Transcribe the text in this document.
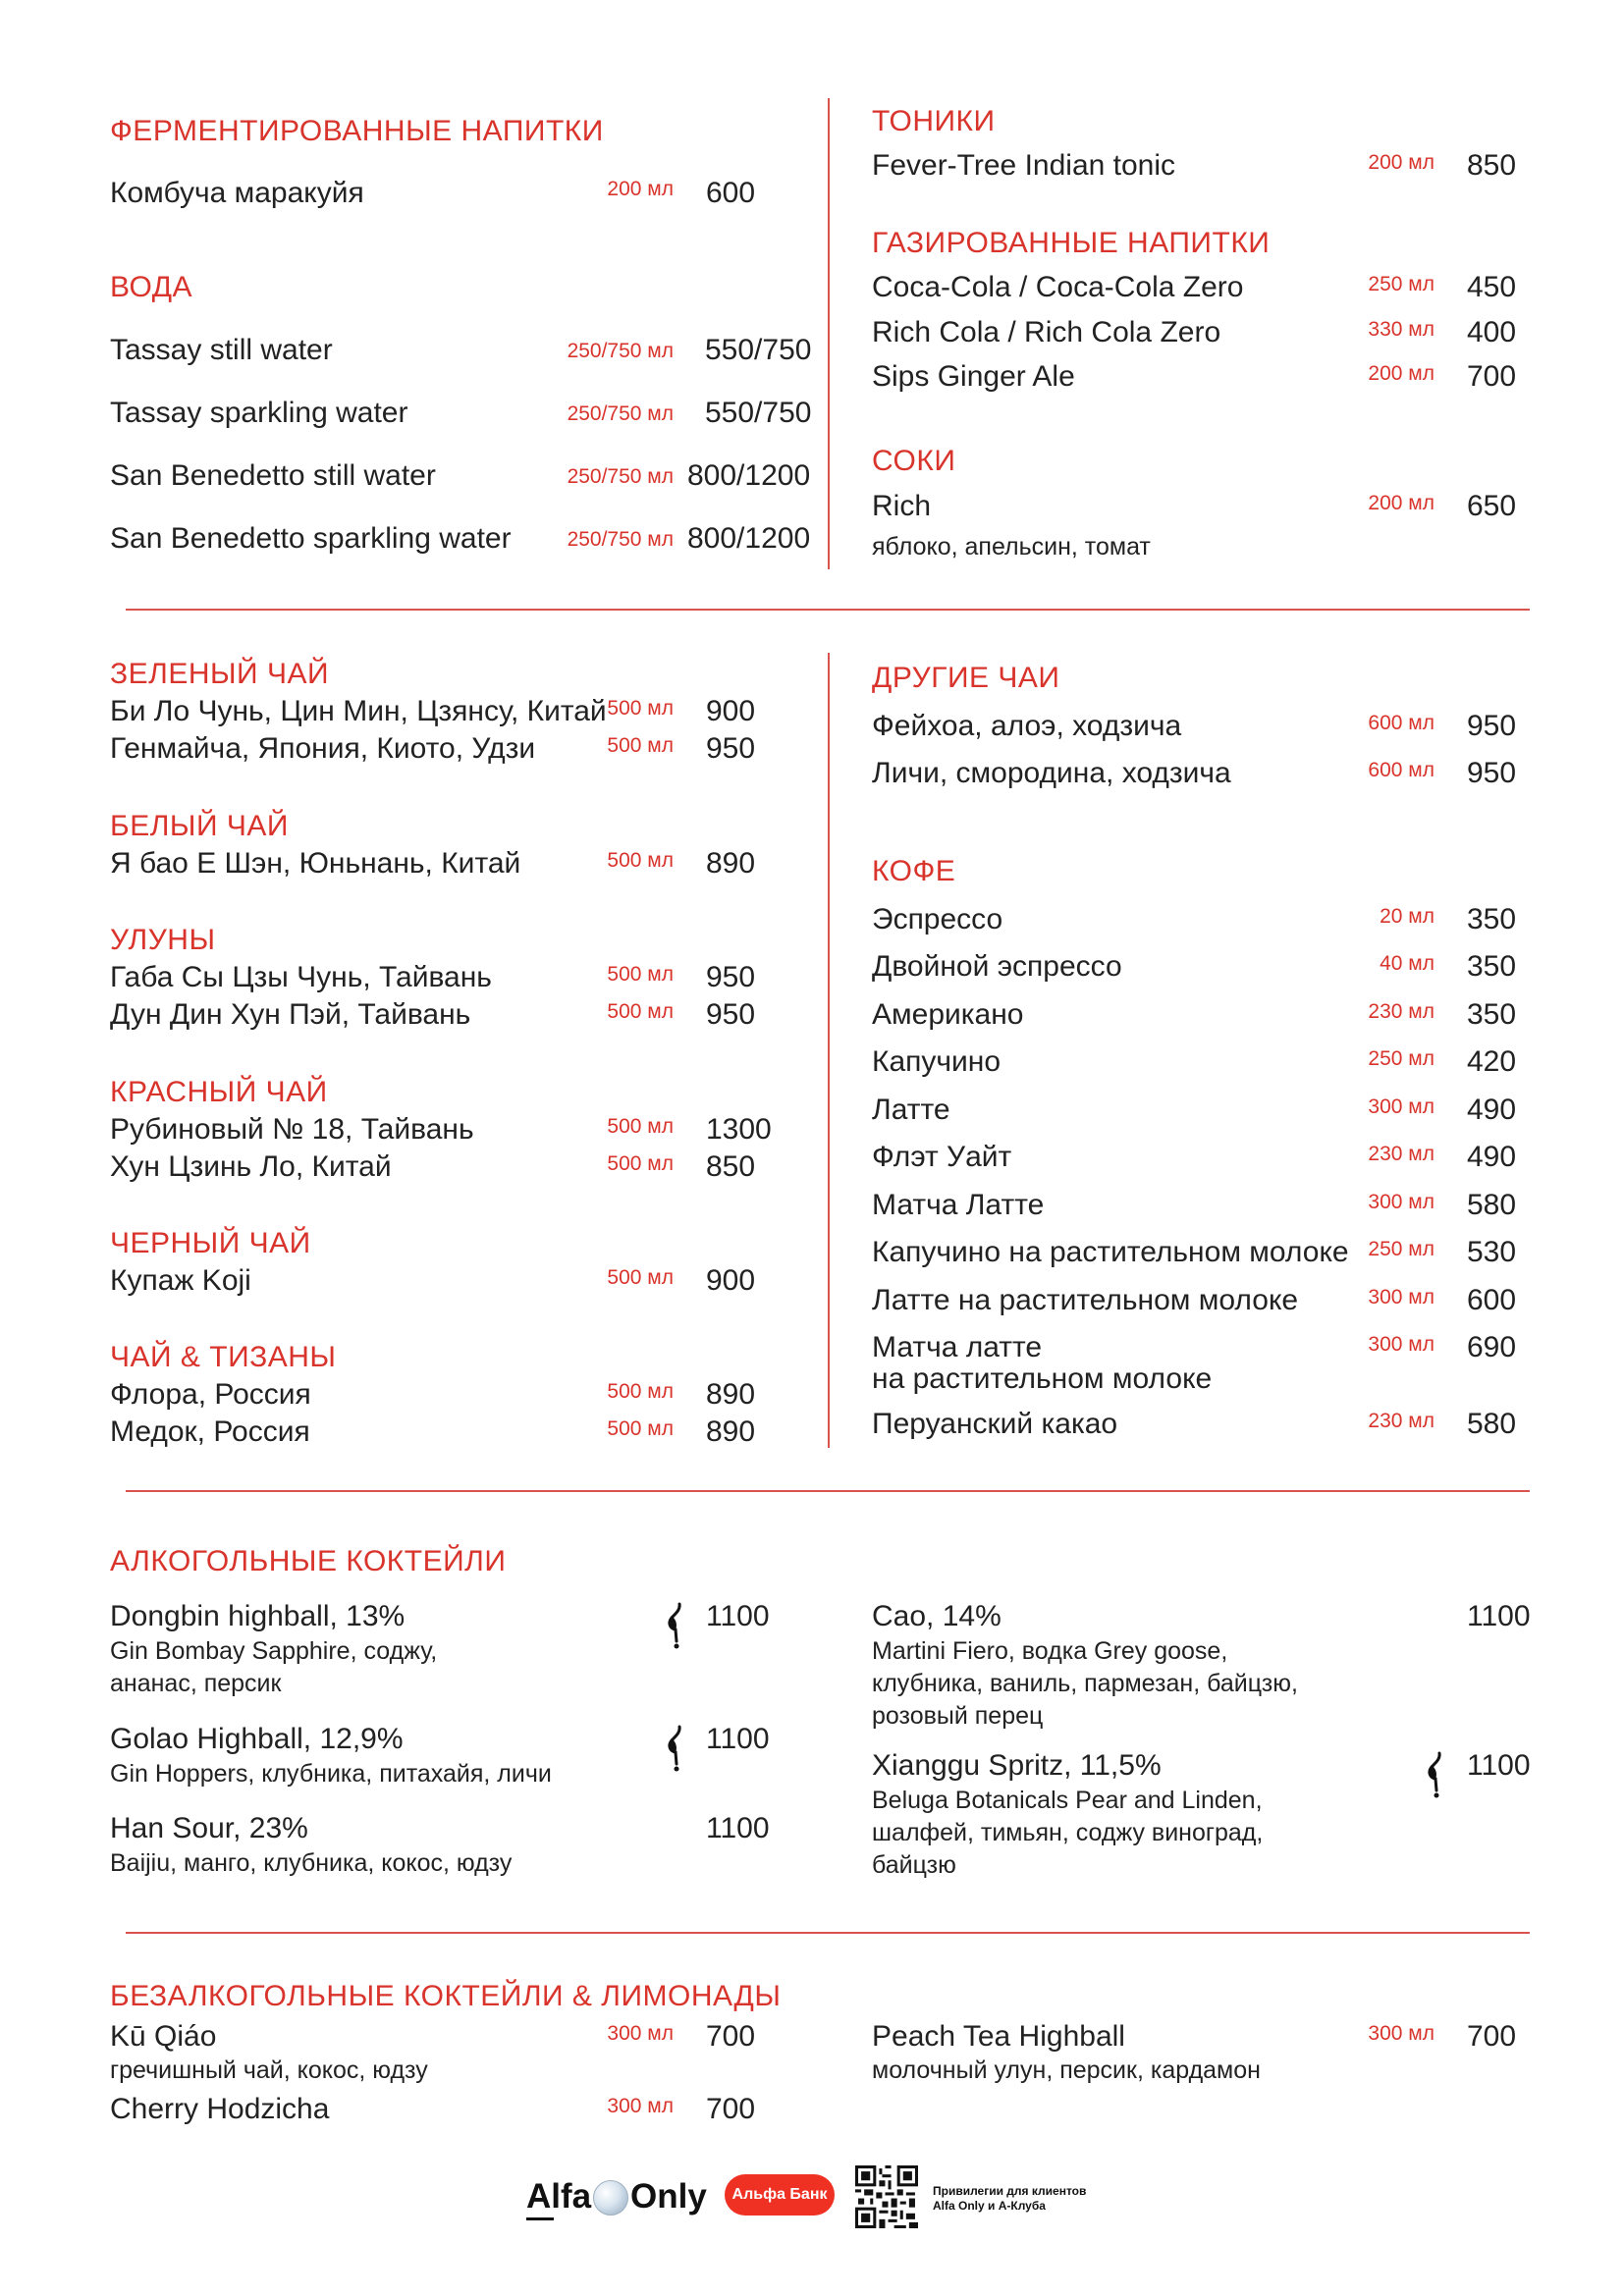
ФЕРМЕНТИРОВАННЫЕ НАПИТКИ
Комбуча маракуйя	200 мл 600
ВОДА
Tassay still water	250/750 мл 550/750
Tassay sparkling water	250/750 мл 550/750
San Benedetto still water	250/750 мл 800/1200
San Benedetto sparkling water	250/750 мл 800/1200
ТОНИКИ
Fever-Tree Indian tonic	200 мл 850
ГАЗИРОВАННЫЕ НАПИТКИ
Coca-Cola / Coca-Cola Zero	250 мл 450
Rich Cola / Rich Cola Zero	330 мл 400
Sips Ginger Ale	200 мл 700
СОКИ
Rich
яблоко, апельсин, томат
200 мл 650
ЗЕЛЕНЫЙ ЧАЙ
Би Ло Чунь, Цин Мин, Цзянсу, Китай 500 мл 900
Генмайча, Япония, Киото, Удзи	500 мл 950
БЕЛЫЙ ЧАЙ
Я бао Е Шэн, Юньнань, Китай	500 мл 890
УЛУНЫ
Габа Сы Цзы Чунь, Тайвань	500 мл 950
Дун Дин Хун Пэй, Тайвань	500 мл 950
КРАСНЫЙ ЧАЙ
Рубиновый № 18, Тайвань	500 мл 1300
Хун Цзинь Ло, Китай	500 мл 850
ЧЕРНЫЙ ЧАЙ
Купаж Koji	500 мл 900
ЧАЙ & ТИЗАНЫ
Флора, Россия	500 мл 890
Медок, Россия	500 мл 890
ДРУГИЕ ЧАИ
Фейхоа, алоэ, ходзича	600 мл 950
Личи, смородина, ходзича	600 мл 950
КОФЕ
Эспрессо	20 мл 350
Двойной эспрессо	40 мл 350
Американо	230 мл 350
Капучино	250 мл 420
Латте	300 мл 490
Флэт Уайт	230 мл 490
Матча Латте	300 мл 580
Капучино на растительном молоке 250 мл 530
Латте на растительном молоке	300 мл 600
Матча латте
на растительном молоке
300 мл 690
Перуанский какао	230 мл 580
АЛКОГОЛЬНЫЕ КОКТЕЙЛИ
Dongbin highball, 13%
Gin Bombay Sapphire, соджу,
ананас, персик
1100
Golao Highball, 12,9%
Gin Hoppers, клубника, питахайя, личи
1100
Han Sour, 23%
Baijiu, манго, клубника, кокос, юдзу
1100
Cao, 14%
Martini Fiero, водка Grey goose,
клубника, ваниль, пармезан, байцзю,
розовый перец
1100
Xianggu Spritz, 11,5%
Beluga Botanicals Pear and Linden,
шалфей, тимьян, соджу виноград,
байцзю
1100
БЕЗАЛКОГОЛЬНЫЕ КОКТЕЙЛИ & ЛИМОНАДЫ
Kū Qiáo
гречишный чай, кокос, юдзу
300 мл 700
Cherry Hodzicha	300 мл 700
Peach Tea Highball
молочный улун, персик, кардамон
300 мл 700
Alfa Only	Альфа Банк	Привилегии для клиентов
Alfa Only и А-Клуба
